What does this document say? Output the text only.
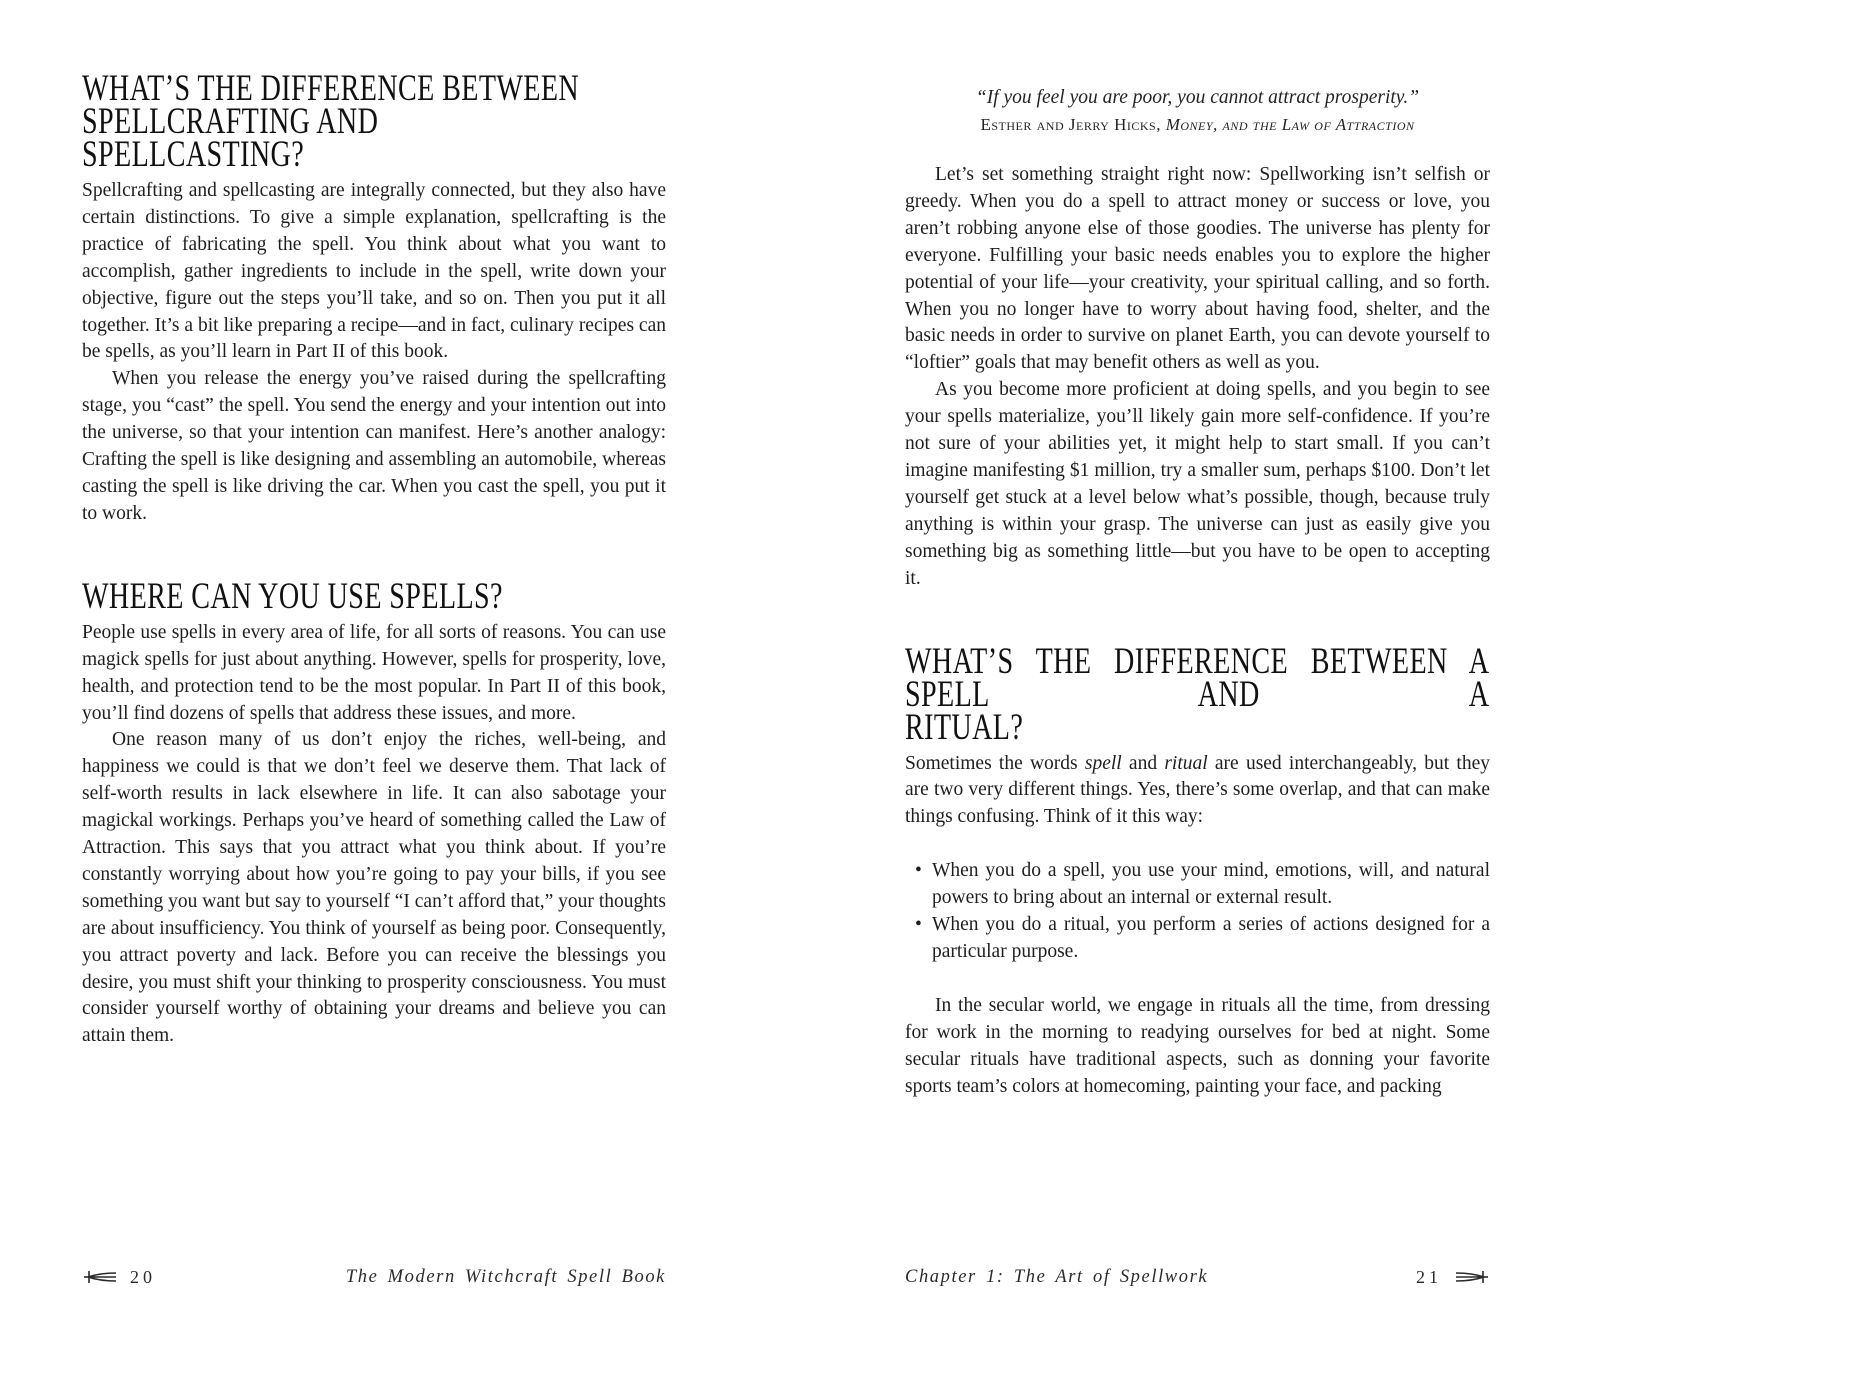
WHAT’S THE DIFFERENCE BETWEEN SPELLCRAFTING AND
SPELLCASTING?

Spellcrafting and spellcasting are integrally connected, but they also have certain distinctions. To give a simple explanation, spellcrafting is the practice of fabricating the spell. You think about what you want to accomplish, gather ingredients to include in the spell, write down your objective, figure out the steps you’ll take, and so on. Then you put it all together. It’s a bit like preparing a recipe—and in fact, culinary recipes can be spells, as you’ll learn in Part II of this book.

When you release the energy you’ve raised during the spellcrafting stage, you “cast” the spell. You send the energy and your intention out into the universe, so that your intention can manifest. Here’s another analogy: Crafting the spell is like designing and assembling an automobile, whereas casting the spell is like driving the car. When you cast the spell, you put it to work.

WHERE CAN YOU USE SPELLS?

People use spells in every area of life, for all sorts of reasons. You can use magick spells for just about anything. However, spells for prosperity, love, health, and protection tend to be the most popular. In Part II of this book, you’ll find dozens of spells that address these issues, and more.

One reason many of us don’t enjoy the riches, well-being, and happiness we could is that we don’t feel we deserve them. That lack of self-worth results in lack elsewhere in life. It can also sabotage your magickal workings. Perhaps you’ve heard of something called the Law of Attraction. This says that you attract what you think about. If you’re constantly worrying about how you’re going to pay your bills, if you see something you want but say to yourself “I can’t afford that,” your thoughts are about insufficiency. You think of yourself as being poor. Consequently, you attract poverty and lack. Before you can receive the blessings you desire, you must shift your thinking to prosperity consciousness. You must consider yourself worthy of obtaining your dreams and believe you can attain them.

“If you feel you are poor, you cannot attract prosperity.”
Esther and Jerry Hicks, Money, and the Law of Attraction

Let’s set something straight right now: Spellworking isn’t selfish or greedy. When you do a spell to attract money or success or love, you aren’t robbing anyone else of those goodies. The universe has plenty for everyone. Fulfilling your basic needs enables you to explore the higher potential of your life—your creativity, your spiritual calling, and so forth. When you no longer have to worry about having food, shelter, and the basic needs in order to survive on planet Earth, you can devote yourself to “loftier” goals that may benefit others as well as you.

As you become more proficient at doing spells, and you begin to see your spells materialize, you’ll likely gain more self-confidence. If you’re not sure of your abilities yet, it might help to start small. If you can’t imagine manifesting $1 million, try a smaller sum, perhaps $100. Don’t let yourself get stuck at a level below what’s possible, though, because truly anything is within your grasp. The universe can just as easily give you something big as something little—but you have to be open to accepting it.

WHAT’S THE DIFFERENCE BETWEEN A SPELL AND A
RITUAL?

Sometimes the words spell and ritual are used interchangeably, but they are two very different things. Yes, there’s some overlap, and that can make things confusing. Think of it this way:

• When you do a spell, you use your mind, emotions, will, and natural powers to bring about an internal or external result.
• When you do a ritual, you perform a series of actions designed for a particular purpose.

In the secular world, we engage in rituals all the time, from dressing for work in the morning to readying ourselves for bed at night. Some secular rituals have traditional aspects, such as donning your favorite sports team’s colors at homecoming, painting your face, and packing

20	The Modern Witchcraft Spell Book	Chapter 1: The Art of Spellwork	21
